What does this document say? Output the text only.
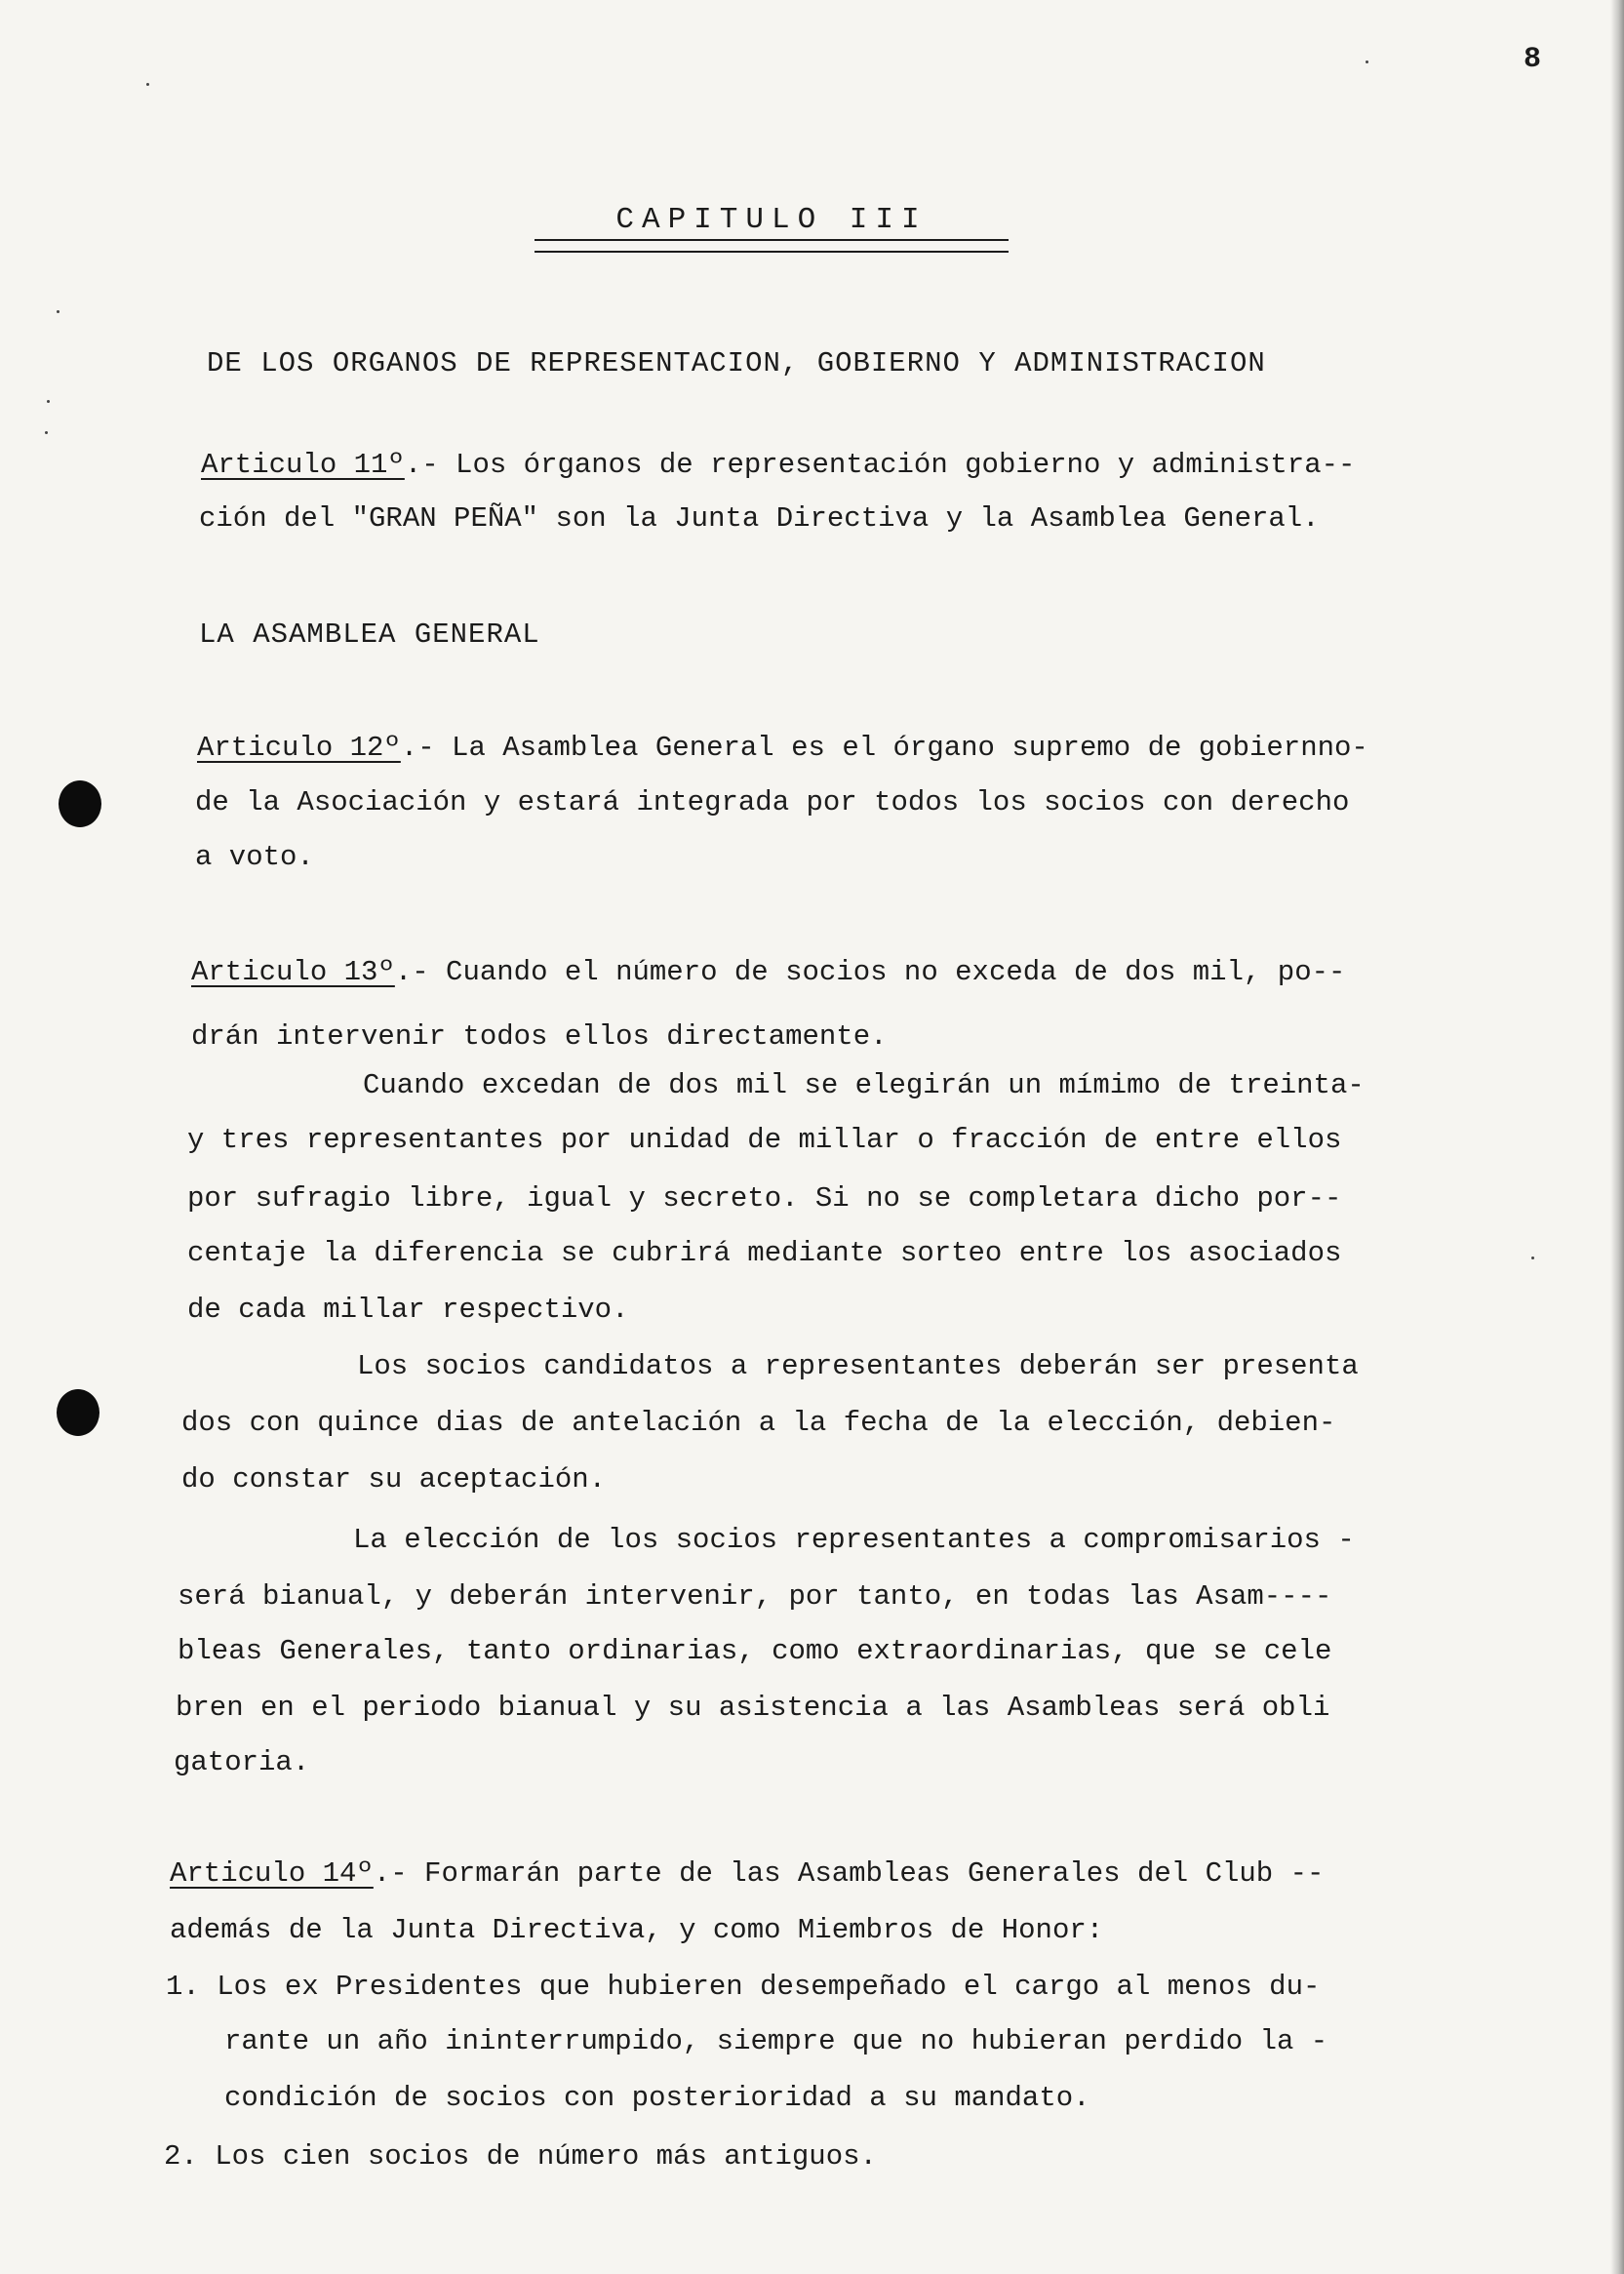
8
CAPITULO III
DE LOS ORGANOS DE REPRESENTACION, GOBIERNO Y ADMINISTRACION
Articulo 11º.- Los órganos de representación gobierno y administra--
ción del "GRAN PEÑA" son la Junta Directiva y la Asamblea General.
LA ASAMBLEA GENERAL
Articulo 12º.- La Asamblea General es el órgano supremo de gobiernno-
de la Asociación y estará integrada por todos los socios con derecho
a voto.
Articulo 13º.- Cuando el número de socios no exceda de dos mil, po--
drán intervenir todos ellos directamente.
Cuando excedan de dos mil se elegirán un mímimo de treinta-
y tres representantes por unidad de millar o fracción de entre ellos
por sufragio libre, igual y secreto. Si no se completara dicho por--
centaje la diferencia se cubrirá mediante sorteo entre los asociados
de cada millar respectivo.
Los socios candidatos a representantes deberán ser presenta
dos con quince dias de antelación a la fecha de la elección, debien-
do constar su aceptación.
La elección de los socios representantes a compromisarios -
será bianual, y deberán intervenir, por tanto, en todas las Asam----
bleas Generales, tanto ordinarias, como extraordinarias, que se cele
bren en el periodo bianual y su asistencia a las Asambleas será obli
gatoria.
Articulo 14º.- Formarán parte de las Asambleas Generales del Club --
además de la Junta Directiva, y como Miembros de Honor:
1. Los ex Presidentes que hubieren desempeñado el cargo al menos du-
rante un año ininterrumpido, siempre que no hubieran perdido la -
condición de socios con posterioridad a su mandato.
2. Los cien socios de número más antiguos.
